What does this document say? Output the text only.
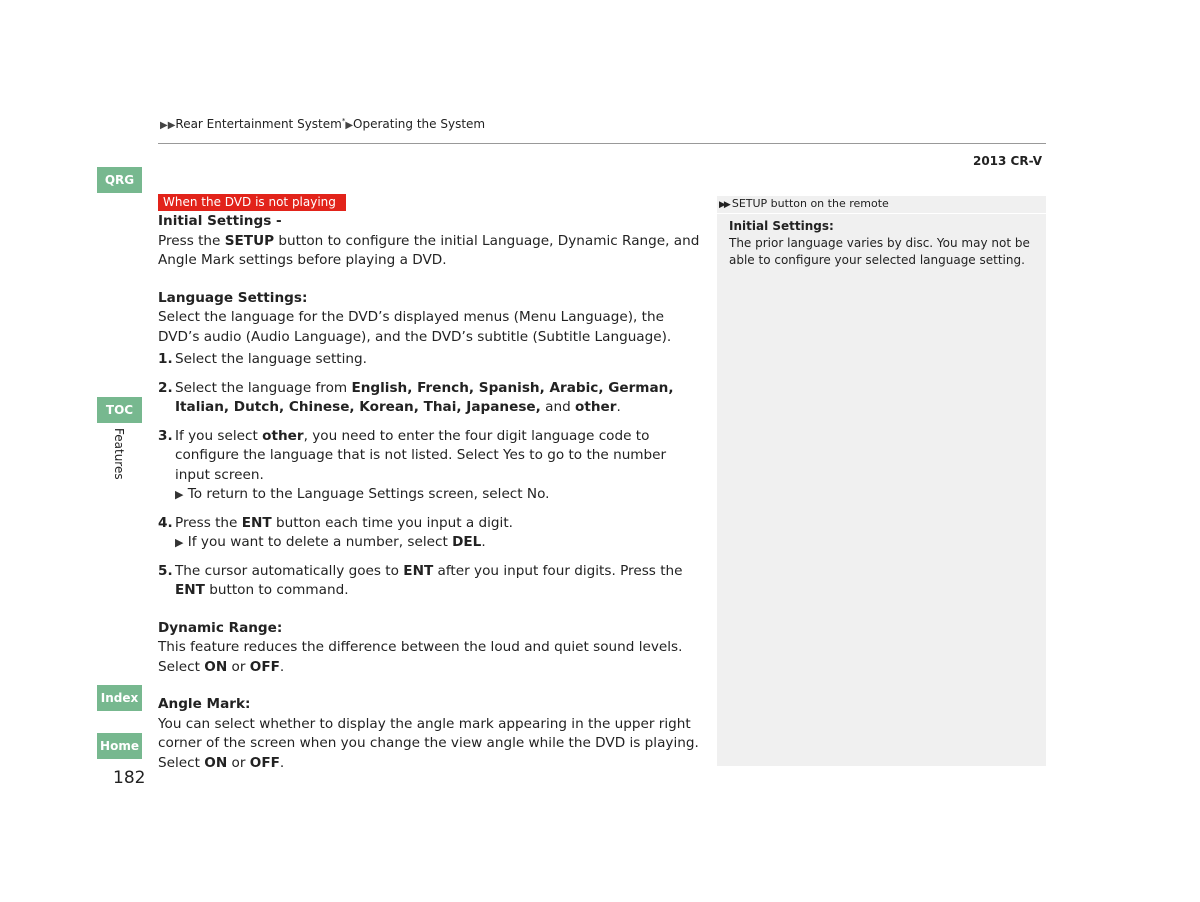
▶▶Rear Entertainment System*▶Operating the System
2013 CR-V
QRG
TOC
Features
Index
Home
182
When the DVD is not playing

Initial Settings -

Press the SETUP button to configure the initial Language, Dynamic Range, and Angle Mark settings before playing a DVD.

Language Settings:

Select the language for the DVD’s displayed menus (Menu Language), the DVD’s audio (Audio Language), and the DVD’s subtitle (Subtitle Language).

1. Select the language setting.
2. Select the language from English, French, Spanish, Arabic, German, Italian, Dutch, Chinese, Korean, Thai, Japanese, and other.
3. If you select other, you need to enter the four digit language code to configure the language that is not listed. Select Yes to go to the number input screen.
▶ To return to the Language Settings screen, select No.
4. Press the ENT button each time you input a digit.
▶ If you want to delete a number, select DEL.
5. The cursor automatically goes to ENT after you input four digits. Press the ENT button to command.

Dynamic Range:

This feature reduces the difference between the loud and quiet sound levels. Select ON or OFF.

Angle Mark:

You can select whether to display the angle mark appearing in the upper right corner of the screen when you change the view angle while the DVD is playing. Select ON or OFF.

▶▶ SETUP button on the remote
Initial Settings:
The prior language varies by disc. You may not be able to configure your selected language setting.
